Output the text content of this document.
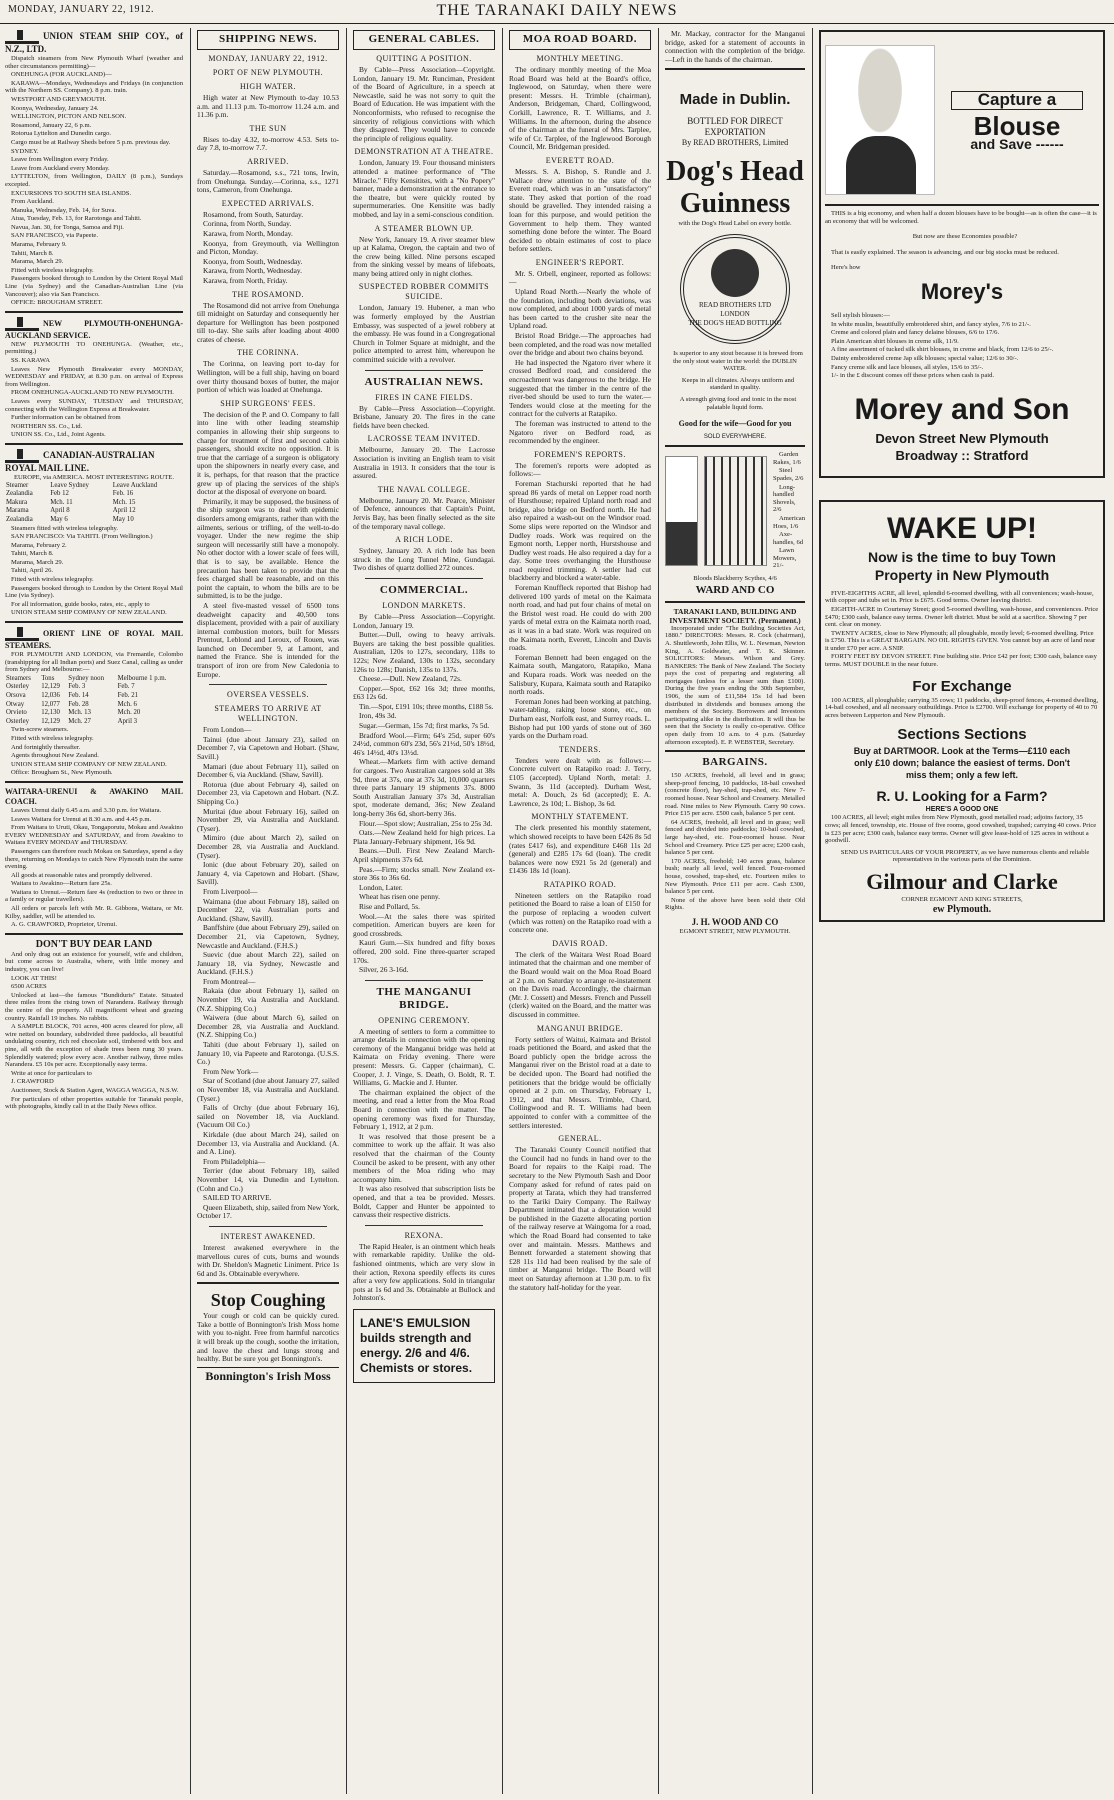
MONDAY, JANUARY 22, 1912.	THE TARANAKI DAILY NEWS
UNION STEAM SHIP COY., of N.Z., LTD.

Dispatch steamers from New Plymouth Wharf (weather and other circumstances permitting)—

ONEHUNGA (FOR AUCKLAND)—

KARAWA—Mondays, Wednesdays and Fridays (in conjunction with the Northern SS. Company). 8 p.m. train.

WESTPORT AND GREYMOUTH.

Koonya, Wednesday, January 24.

WELLINGTON, PICTON AND NELSON.

Rosamond, January 22, 6 p.m.

Rotorua Lyttelton and Dunedin cargo.

Cargo must be at Railway Sheds before 5 p.m. previous day.

SYDNEY.

Leave from Wellington every Friday.

Leave from Auckland every Monday.

LYTTELTON, from Wellington, DAILY (8 p.m.), Sundays excepted.

EXCURSIONS TO SOUTH SEA ISLANDS.

From Auckland.

Manuka, Wednesday, Feb. 14, for Suva.

Atua, Tuesday, Feb. 13, for Rarotonga and Tahiti.

Navua, Jan. 30, for Tonga, Samoa and Fiji.

SAN FRANCISCO, via Papeete.

Marama, February 9.

Tahiti, March 8.

Marama, March 29.

Fitted with wireless telegraphy.

Passengers booked through to London by the Orient Royal Mail Line (via Sydney) and the Canadian-Australian Line (via Vancouver); also via San Francisco.

OFFICE: BROUGHAM STREET.

NEW PLYMOUTH-ONEHUNGA-AUCKLAND SERVICE.

NEW PLYMOUTH TO ONEHUNGA. (Weather, etc., permitting.)

SS. KARAWA

Leaves New Plymouth Breakwater every MONDAY, WEDNESDAY and FRIDAY, at 8.30 p.m. on arrival of Express from Wellington.

FROM ONEHUNGA-AUCKLAND TO NEW PLYMOUTH.

Leaves every SUNDAY, TUESDAY and THURSDAY, connecting with the Wellington Express at Breakwater.

Further information can be obtained from

NORTHERN SS. Co., Ltd.

UNION SS. Co., Ltd., Joint Agents.

CANADIAN-AUSTRALIAN ROYAL MAIL LINE.
EUROPE, via AMERICA. MOST INTERESTING ROUTE.
Steamer	Leave Sydney	Leave Auckland
Zealandia	Feb 12	Feb. 16
Makura	Mch. 11	Mch. 15
Marama	April 8	April 12
Zealandia	May 6	May 10

Steamers fitted with wireless telegraphy.

SAN FRANCISCO: Via TAHITI. (From Wellington.)

Marama, February 2.

Tahiti, March 8.

Marama, March 29.

Tahiti, April 26.

Fitted with wireless telegraphy.

Passengers booked through to London by the Orient Royal Mail Line (via Sydney).

For all information, guide books, rates, etc., apply to

UNION STEAM SHIP COMPANY OF NEW ZEALAND.

ORIENT LINE OF ROYAL MAIL STEAMERS.

FOR PLYMOUTH AND LONDON, via Fremantle, Colombo (transhipping for all Indian ports) and Suez Canal, calling as under from Sydney and Melbourne:—

Steamers	Tons	Sydney noon	Melbourne 1 p.m.
Osterley	12,129	Feb. 3	Feb. 7
Orsova	12,036	Feb. 14	Feb. 21
Otway	12,077	Feb. 28	Mch. 6
Orvieto	12,130	Mch. 13	Mch. 20
Osterley	12,129	Mch. 27	April 3

Twin-screw steamers.

Fitted with wireless telegraphy.

And fortnightly thereafter.

Agents throughout New Zealand.

UNION STEAM SHIP COMPANY OF NEW ZEALAND.

Office: Brougham St., New Plymouth.

WAITARA-URENUI & AWAKINO MAIL COACH.

Leaves Urenui daily 6.45 a.m. and 3.30 p.m. for Waitara.

Leaves Waitara for Urenui at 8.30 a.m. and 4.45 p.m.

From Waitara to Uruti, Okau, Tongaporutu, Mokau and Awakino EVERY WEDNESDAY and SATURDAY, and from Awakino to Waitara EVERY MONDAY and THURSDAY.

Passengers can therefore reach Mokau on Saturdays, spend a day there, returning on Mondays to catch New Plymouth train the same evening.

All goods at reasonable rates and promptly delivered.

Waitara to Awakino—Return fare 25s.

Waitara to Urenui.—Return fare 4s (reduction to two or three in a family or regular travellers).

All orders or parcels left with Mr. R. Gibbons, Waitara, or Mr. Kilby, saddler, will be attended to.

A. G. CRAWFORD, Proprietor, Urenui.

DON'T BUY DEAR LAND

And only drag out an existence for yourself, wife and children, but come across to Australia, where, with little money and industry, you can live!

LOOK AT THIS!

6500 ACRES

Unlocked at last—the famous "Bundiduris" Estate. Situated three miles from the rising town of Narandera. Railway through the centre of the property. All magnificent wheat and grazing country. Rainfall 19 inches. No rabbits.

A SAMPLE BLOCK, 701 acres, 400 acres cleared for plow, all wire netted on boundary, subdivided three paddocks, all beautiful undulating country, rich red chocolate soil, timbered with box and pine, all with the exception of shade trees been rung 30 years. Splendidly watered; plow every acre. Another railway, three miles Narandera. £5 10s per acre. Exceptionally easy terms.

Write at once for particulars to

J. CRAWFORD

Auctioneer, Stock & Station Agent, WAGGA WAGGA, N.S.W.

For particulars of other properties suitable for Taranaki people, with photographs, kindly call in at the Daily News office.

SHIPPING NEWS.
MONDAY, JANUARY 22, 1912.
PORT OF NEW PLYMOUTH.
HIGH WATER.

High water at New Plymouth to-day 10.53 a.m. and 11.13 p.m. To-morrow 11.24 a.m. and 11.36 p.m.

THE SUN

Rises to-day 4.32, to-morrow 4.53. Sets to-day 7.8, to-morrow 7.7.

ARRIVED.

Saturday.—Rosamond, s.s., 721 tons, Irwin, from Onehunga. Sunday.—Corinna, s.s., 1271 tons, Cameron, from Onehunga.

EXPECTED ARRIVALS.

Rosamond, from South, Saturday.

Corinna, from North, Sunday.

Karawa, from North, Monday.

Koonya, from Greymouth, via Wellington and Picton, Monday.

Koonya, from South, Wednesday.

Karawa, from North, Wednesday.

Karawa, from North, Friday.

THE ROSAMOND.

The Rosamond did not arrive from Onehunga till midnight on Saturday and consequently her departure for Wellington has been postponed till to-day. She sails after loading about 4000 crates of cheese.

THE CORINNA.

The Corinna, on leaving port to-day for Wellington, will be a full ship, having on board over thirty thousand boxes of butter, the major portion of which was loaded at Onehunga.

SHIP SURGEONS' FEES.

The decision of the P. and O. Company to fall into line with other leading steamship companies in allowing their ship surgeons to charge for treatment of first and second cabin passengers, should excite no opposition. It is true that the carriage of a surgeon is obligatory upon the shipowners in nearly every case, and it is, perhaps, for that reason that the practice grew up of placing the services of the ship's doctor at the disposal of everyone on board.

Primarily, it may be supposed, the business of the ship surgeon was to deal with epidemic disorders among emigrants, rather than with the ailments, serious or trifling, of the well-to-do voyager. Under the new regime the ship surgeon will necessarily still have a monopoly. No other doctor with a lower scale of fees will, that is to say, be available. Hence the precaution has been taken to provide that the fees charged shall be reasonable, and on this point the captain, to whom the bills are to be submitted, is to be the judge.

A steel five-masted vessel of 6500 tons deadweight capacity and 40,500 tons displacement, provided with a pair of auxiliary internal combustion motors, built for Messrs Prentout, Leblond and Leroux, of Rouen, was launched on December 9, at Lamont, and named the France. She is intended for the transport of iron ore from New Caledonia to Europe.

OVERSEA VESSELS.
STEAMERS TO ARRIVE AT WELLINGTON.

From London—

Tainui (due about January 23), sailed on December 7, via Capetown and Hobart. (Shaw, Savill.)

Mamari (due about February 11), sailed on December 6, via Auckland. (Shaw, Savill).

Rotorua (due about February 4), sailed on December 23, via Capetown and Hobart. (N.Z. Shipping Co.)

Muritai (due about February 16), sailed on November 29, via Australia and Auckland. (Tyser).

Mimiro (due about March 2), sailed on December 28, via Australia and Auckland. (Tyser).

Ionic (due about February 20), sailed on January 4, via Capetown and Hobart. (Shaw, Savill).

From Liverpool—

Waimana (due about February 18), sailed on December 22, via Australian ports and Auckland. (Shaw, Savill).

Banffshire (due about February 29), sailed on December 21, via Capetown, Sydney, Newcastle and Auckland. (F.H.S.)

Suevic (due about March 22), sailed on January 18, via Sydney, Newcastle and Auckland. (F.H.S.)

From Montreal—

Rakaia (due about February 1), sailed on November 19, via Australia and Auckland. (N.Z. Shipping Co.)

Waiwera (due about March 6), sailed on December 28, via Australia and Auckland. (N.Z. Shipping Co.)

Tahiti (due about February 1), sailed on January 10, via Papeete and Rarotonga. (U.S.S. Co.)

From New York—

Star of Scotland (due about January 27, sailed on November 18, via Australia and Auckland. (Tyser.)

Falls of Orchy (due about February 16), sailed on November 18, via Auckland. (Vacuum Oil Co.)

Kirkdale (due about March 24), sailed on December 13, via Australia and Auckland. (A. and A. Line).

From Philadelphia—

Terrier (due about February 18), sailed November 14, via Dunedin and Lyttelton. (Cohn and Co.)

SAILED TO ARRIVE.

Queen Elizabeth, ship, sailed from New York, October 17.

INTEREST AWAKENED.

Interest awakened everywhere in the marvellous cures of cuts, burns and wounds with Dr. Sheldon's Magnetic Liniment. Price 1s 6d and 3s. Obtainable everywhere.

Stop Coughing

Your cough or cold can be quickly cured. Take a bottle of Bonnington's Irish Moss home with you to-night. Free from harmful narcotics it will break up the cough, soothe the irritation, and leave the chest and lungs strong and healthy. But be sure you get Bonnington's.

Bonnington's Irish Moss
GENERAL CABLES.
QUITTING A POSITION.

By Cable—Press Association—Copyright. London, January 19. Mr. Runciman, President of the Board of Agriculture, in a speech at Newcastle, said he was not sorry to quit the Board of Education. He was impatient with the Nonconformists, who refused to recognise the sincerity of religious convictions with which they disagreed. They would have to concede the principle of religious equality.

DEMONSTRATION AT A THEATRE.

London, January 19. Four thousand ministers attended a matinee performance of "The Miracle." Fifty Kensitites, with a "No Popery" banner, made a demonstration at the entrance to the theatre, but were quickly routed by supermumeraries. One Kensitite was badly mobbed, and lay in a semi-conscious condition.

A STEAMER BLOWN UP.

New York, January 19. A river steamer blew up at Kalama, Oregon, the captain and two of the crew being killed. Nine persons escaped from the sinking vessel by means of lifeboats, many being attired only in night clothes.

SUSPECTED ROBBER COMMITS SUICIDE.

London, January 19. Hubener, a man who was formerly employed by the Austrian Embassy, was suspected of a jewel robbery at the embassy. He was found in a Congregational Church in Tolmer Square at midnight, and the police attempted to arrest him, whereupon he committed suicide with a revolver.

AUSTRALIAN NEWS.
FIRES IN CANE FIELDS.

By Cable—Press Association—Copyright. Brisbane, January 20. The fires in the cane fields have been checked.

LACROSSE TEAM INVITED.

Melbourne, January 20. The Lacrosse Association is inviting an English team to visit Australia in 1913. It considers that the tour is assured.

THE NAVAL COLLEGE.

Melbourne, January 20. Mr. Pearce, Minister of Defence, announces that Captain's Point, Jervis Bay, has been finally selected as the site of the temporary naval college.

A RICH LODE.

Sydney, January 20. A rich lode has been struck in the Long Tunnel Mine, Gundagai. Two dishes of quartz dollied 272 ounces.

COMMERCIAL.
LONDON MARKETS.

By Cable—Press Association—Copyright. London, January 19.

Butter.—Dull, owing to heavy arrivals. Buyers are taking the best possible qualities. Australian, 120s to 127s, secondary, 118s to 122s; New Zealand, 130s to 132s, secondary 126s to 128s; Danish, 135s to 137s.

Cheese.—Dull. New Zealand, 72s.

Copper.—Spot, £62 16s 3d; three months, £63 12s 6d.

Tin.—Spot, £191 10s; three months, £188 5s.

Iron, 49s 3d.

Sugar.—German, 15s 7d; first marks, 7s 5d.

Bradford Wool.—Firm; 64's 25d, super 60's 24½d, common 60's 23d, 56's 21½d, 50's 18½d, 46's 14½d, 40's 13½d.

Wheat.—Markets firm with active demand for cargoes. Two Australian cargoes sold at 38s 9d, three at 37s, one at 37s 3d, 10,000 quarters three parts January 19 shipments 37s. 8000 South Australian January 37s 3d, Australian spot, moderate demand, 36s; New Zealand long-berry 36s 6d, short-berry 36s.

Flour.—Spot slow; Australian, 25s to 25s 3d.

Oats.—New Zealand held for high prices. La Plata January-February shipment, 16s 9d.

Beans.—Dull. First New Zealand March-April shipments 37s 6d.

Peas.—Firm; stocks small. New Zealand ex-store 36s to 36s 6d.

London, Later.

Wheat has risen one penny.

Rise and Pollard, 5s.

Wool.—At the sales there was spirited competition. American buyers are keen for good crossbreds.

Kauri Gum.—Six hundred and fifty boxes offered, 200 sold. Fine three-quarter scraped 170s.

Silver, 26 3-16d.

THE MANGANUI BRIDGE.
OPENING CEREMONY.

A meeting of settlers to form a committee to arrange details in connection with the opening ceremony of the Manganui bridge was held at Kaimata on Friday evening. There were present: Messrs. G. Capper (chairman), C. Cooper, J. J. Vinge, S. Death, O. Boldt, R. T. Williams, G. Mackie and J. Hunter.

The chairman explained the object of the meeting, and read a letter from the Moa Road Board in connection with the matter. The opening ceremony was fixed for Thursday, February 1, 1912, at 2 p.m.

It was resolved that those present be a committee to work up the affair. It was also resolved that the chairman of the County Council be asked to be present, with any other members of the Moa riding who may accompany him.

It was also resolved that subscription lists be opened, and that a tea be provided. Messrs. Boldt, Capper and Hunter be appointed to canvass their respective districts.

REXONA.

The Rapid Healer, is an ointment which heals with remarkable rapidity. Unlike the old-fashioned ointments, which are very slow in their action, Rexona speedily effects its cures after a very few applications. Sold in triangular pots at 1s 6d and 3s. Obtainable at Bullock and Johnston's.

LANE'S EMULSION
builds strength and
energy. 2/6 and 4/6.
Chemists or stores.
MOA ROAD BOARD.
MONTHLY MEETING.

The ordinary monthly meeting of the Moa Road Board was held at the Board's office, Inglewood, on Saturday, when there were present: Messrs. H. Trimble (chairman), Anderson, Bridgeman, Chard, Collingwood, Corkill, Lawrence, R. T. Williams, and J. Williams. In the afternoon, during the absence of the chairman at the funeral of Mrs. Tarplee, wife of Cr. Tarplee, of the Inglewood Borough Council, Mr. Bridgeman presided.

EVERETT ROAD.

Messrs. S. A. Bishop, S. Rundle and J. Wallace drew attention to the state of the Everett road, which was in an "unsatisfactory" state. They asked that portion of the road should be gravelled. They intended raising a loan for this purpose, and would petition the Government to help them. They wanted something done before the winter. The Board decided to obtain estimates of cost to place before settlers.

ENGINEER'S REPORT.

Mr. S. Orbell, engineer, reported as follows:—

Upland Road North.—Nearly the whole of the foundation, including both deviations, was now completed, and about 1000 yards of metal has been carted to the crusher site near the Upland road.

Bristol Road Bridge.—The approaches had been completed, and the road was now metalled over the bridge and about two chains beyond.

He had inspected the Ngatoro river where it crossed Bedford road, and considered the encroachment was dangerous to the bridge. He suggested that the timber in the centre of the river-bed should be used to turn the water.—Tenders would close at the meeting for the contract for the culverts at Ratapiko.

The foreman was instructed to attend to the Ngatoro river on Bedford road, as recommended by the engineer.

FOREMEN'S REPORTS.

The foremen's reports were adopted as follows:—

Foreman Stachurski reported that he had spread 86 yards of metal on Lepper road north of Hursthouse; repaired Upland north road and bridge, also bridge on Bedford north. He had also repaired a wash-out on the Windsor road. Some slips were reported on the Windsor and Dudley roads. Work was required on the Egmont north, Lepper north, Hurstshouse and Dudley west roads. He also required a day for a day. Some trees overhanging the Hursthouse road required trimming. A settler had cut blackberry and blocked a water-table.

Foreman Knuffleck reported that Bishop had delivered 100 yards of metal on the Kaimata north road, and had put four chains of metal on the Bristol west road. He could do with 200 yards of metal extra on the Kaimata north road, as it was in a bad state. Work was required on the Kaimata north, Everett, Lincoln and Davis roads.

Foreman Bennett had been engaged on the Kaimata south, Mangatoro, Ratapiko, Mana and Kupara roads. Work was needed on the Salisbury, Kupara, Kaimata south and Ratapiko north roads.

Foreman Jones had been working at patching, water-tabling, raking loose stone, etc., on Durham east, Norfolk east, and Surrey roads. L. Bishop had put 100 yards of stone out of 360 yards on the Durham road.

TENDERS.

Tenders were dealt with as follows:— Concrete culvert on Ratapiko road: J. Terry, £105 (accepted). Upland North, metal: J. Swann, 3s 11d (accepted). Durham West, metal: A. Douch, 2s 6d (accepted); E. A. Lawrence, 2s 10d; L. Bishop, 3s 6d.

MONTHLY STATEMENT.

The clerk presented his monthly statement, which showed receipts to have been £426 8s 5d (rates £417 6s), and expenditure £468 11s 2d (general) and £285 17s 6d (loan). The credit balances were now £921 5s 2d (general) and £1436 18s 1d (loan).

RATAPIKO ROAD.

Nineteen settlers on the Ratapiko road petitioned the Board to raise a loan of £150 for the purpose of replacing a wooden culvert (which was rotten) on the Ratapiko road with a concrete one.

DAVIS ROAD.

The clerk of the Waitara West Road Board intimated that the chairman and one member of the Board would wait on the Moa Road Board at 2 p.m. on Saturday to arrange re-instatement on the Davis road. Accordingly, the chairman (Mr. J. Cossett) and Messrs. French and Pussell (clerk) waited on the Board, and the matter was discussed in committee.

MANGANUI BRIDGE.

Forty settlers of Waitui, Kaimata and Bristol roads petitioned the Board, and asked that the Board publicly open the bridge across the Manganui river on the Bristol road at a date to be decided upon. The Board had notified the petitioners that the bridge would be officially opened at 2 p.m. on Thursday, February 1, 1912, and that Messrs. Trimble, Chard, Collingwood and R. T. Williams had been appointed to confer with a committee of the settlers interested.

GENERAL.

The Taranaki County Council notified that the Council had no funds in hand over to the Board for repairs to the Kaipi road. The secretary to the New Plymouth Sash and Door Company asked for refund of rates paid on property at Tarata, which they had transferred to the Tariki Dairy Company. The Railway Department intimated that a deputation would be published in the Gazette allocating portion of the railway reserve at Waingoma for a road, which the Road Board had consented to take over and maintain. Messrs. Matthews and Bennett forwarded a statement showing that £28 11s 11d had been realised by the sale of timber at Manganui bridge. The Board will meet on Saturday afternoon at 1.30 p.m. to fix the statutory half-holiday for the year.

Mr. Mackay, contractor for the Manganui bridge, asked for a statement of accounts in connection with the completion of the bridge.—Left in the hands of the chairman.

Made in Dublin.
BOTTLED FOR DIRECT EXPORTATION
By READ BROTHERS, Limited
Dog's Head
Guinness
with the Dog's Head Label on every bottle.
READ BROTHERS LTD LONDON
THE DOG'S HEAD BOTTLING

Is superior to any stout because it is brewed from the only stout water in the world: the DUBLIN WATER.

Keeps in all climates. Always uniform and standard in quality.

A strength giving food and tonic in the most palatable liquid form.

Good for the wife—Good for you
SOLD EVERYWHERE.

Garden Rakes, 1/6

Steel Spades, 2/6

Long-handled Shovels, 2/6

American Hoes, 1/6

Axe-handles, 6d

Lawn Mowers, 21/-

Bloods Blackberry Scythes, 4/6
WARD AND CO
TARANAKI LAND, BUILDING AND INVESTMENT SOCIETY. (Permanent.)

Incorporated under "The Building Societies Act, 1880." DIRECTORS: Messrs. R. Cock (chairman), A. Shuttleworth, John Ellis, W. L. Newman, Newton King, A. Goldwater, and T. K. Skinner. SOLICITORS: Messrs. Wilson and Grey. BANKERS: The Bank of New Zealand. The Society pays the cost of preparing and registering all mortgages (unless for a lesser sum than £100). During the five years ending the 30th September, 1906, the sum of £11,584 15s 1d had been distributed in dividends and bonuses among the members of the Society. Borrowers and Investors participating alike in the distribution. It will thus be seen that the Society is really co-operative. Office open daily from 10 a.m. to 4 p.m. (Saturday afternoon excepted). E. P. WEBSTER, Secretary.

BARGAINS.

150 ACRES, freehold, all level and in grass; sheep-proof fencing, 10 paddocks, 18-bail cowshed (concrete floor), hay-shed, trap-shed, etc. New 7-roomed house. Near School and Creamery. Metalled road. Nine miles to New Plymouth. Carry 90 cows. Price £15 per acre. £500 cash, balance 5 per cent.

64 ACRES, freehold, all level and in grass; well fenced and divided into paddocks; 10-bail cowshed, large hay-shed, etc. Four-roomed house. Near School and Creamery. Price £25 per acre; £200 cash, balance 5 per cent.

170 ACRES, freehold; 140 acres grass, balance bush; nearly all level, well fenced. Four-roomed house, cowshed, trap-shed, etc. Fourteen miles to New Plymouth. Price £11 per acre. Cash £300, balance 5 per cent.

None of the above have been sold their Old Rights.

J. H. WOOD AND CO
EGMONT STREET, NEW PLYMOUTH.
Capture a
Blouse
and Save ------

THIS is a big economy, and when half a dozen blouses have to be bought—as is often the case—it is an economy that will be welcomed.

But now are these Economies possible?

That is easily explained. The season is advancing, and our big stocks must be reduced.

Here's how

Morey's

Sell stylish blouses:—

In white muslin, beautifully embroidered shirt, and fancy styles, 7/6 to 21/-.

Creme and colored plain and fancy delaine blouses, 6/6 to 17/6.

Plain American shirt blouses in creme silk, 11/9.

A fine assortment of tucked silk shirt blouses, in creme and black, from 12/6 to 25/-.

Dainty embroidered creme Jap silk blouses; special value; 12/6 to 30/-.

Fancy creme silk and lace blouses, all styles, 15/6 to 35/-.

1/- in the £ discount comes off these prices when cash is paid.

Morey and Son
Devon Street New Plymouth
Broadway :: Stratford
WAKE UP!
Now is the time to buy Town Property in New Plymouth

FIVE-EIGHTHS ACRE, all level, splendid 6-roomed dwelling, with all conveniences; wash-house, with copper and tubs set in. Price is £675. Good terms. Owner leaving district.

EIGHTH-ACRE in Courtenay Street; good 5-roomed dwelling, wash-house, and conveniences. Price £470; £300 cash, balance easy terms. Owner left district. Must be sold at a sacrifice. Showing 7 per cent. clear on money.

TWENTY ACRES, close to New Plymouth; all ploughable, mostly level; 6-roomed dwelling. Price is £750. This is a GREAT BARGAIN. NO OIL RIGHTS GIVEN. You cannot buy an acre of land near it under £70 per acre. A SNIP.

FORTY FEET BY DEVON STREET. Fine building site. Price £42 per foot; £300 cash, balance easy terms. MUST DOUBLE in the near future.

For Exchange

100 ACRES, all ploughable; carrying 35 cows; 11 paddocks, sheep-proof fences, 4-roomed dwelling, 14-bail cowshed, and all necessary outbuildings. Price is £2700. Will exchange for property of 40 to 70 acres between Lepperton and New Plymouth.

Sections Sections
Buy at DARTMOOR. Look at the Terms—£110 each only £10 down; balance the easiest of terms. Don't miss them; only a few left.
R. U. Looking for a Farm?
HERE'S A GOOD ONE

100 ACRES, all level; eight miles from New Plymouth, good metalled road; adjoins factory, 35 cows; all fenced, township, etc. House of five rooms, good cowshed, trapshed; carrying 40 cows. Price is £23 per acre; £300 cash, balance easy terms. Owner will give lease-hold of 125 acres in without a goodwill.

SEND US PARTICULARS OF YOUR PROPERTY, as we have numerous clients and reliable representatives in the various parts of the Dominion.

Gilmour and Clarke
CORNER EGMONT AND KING STREETS,
ew Plymouth.
